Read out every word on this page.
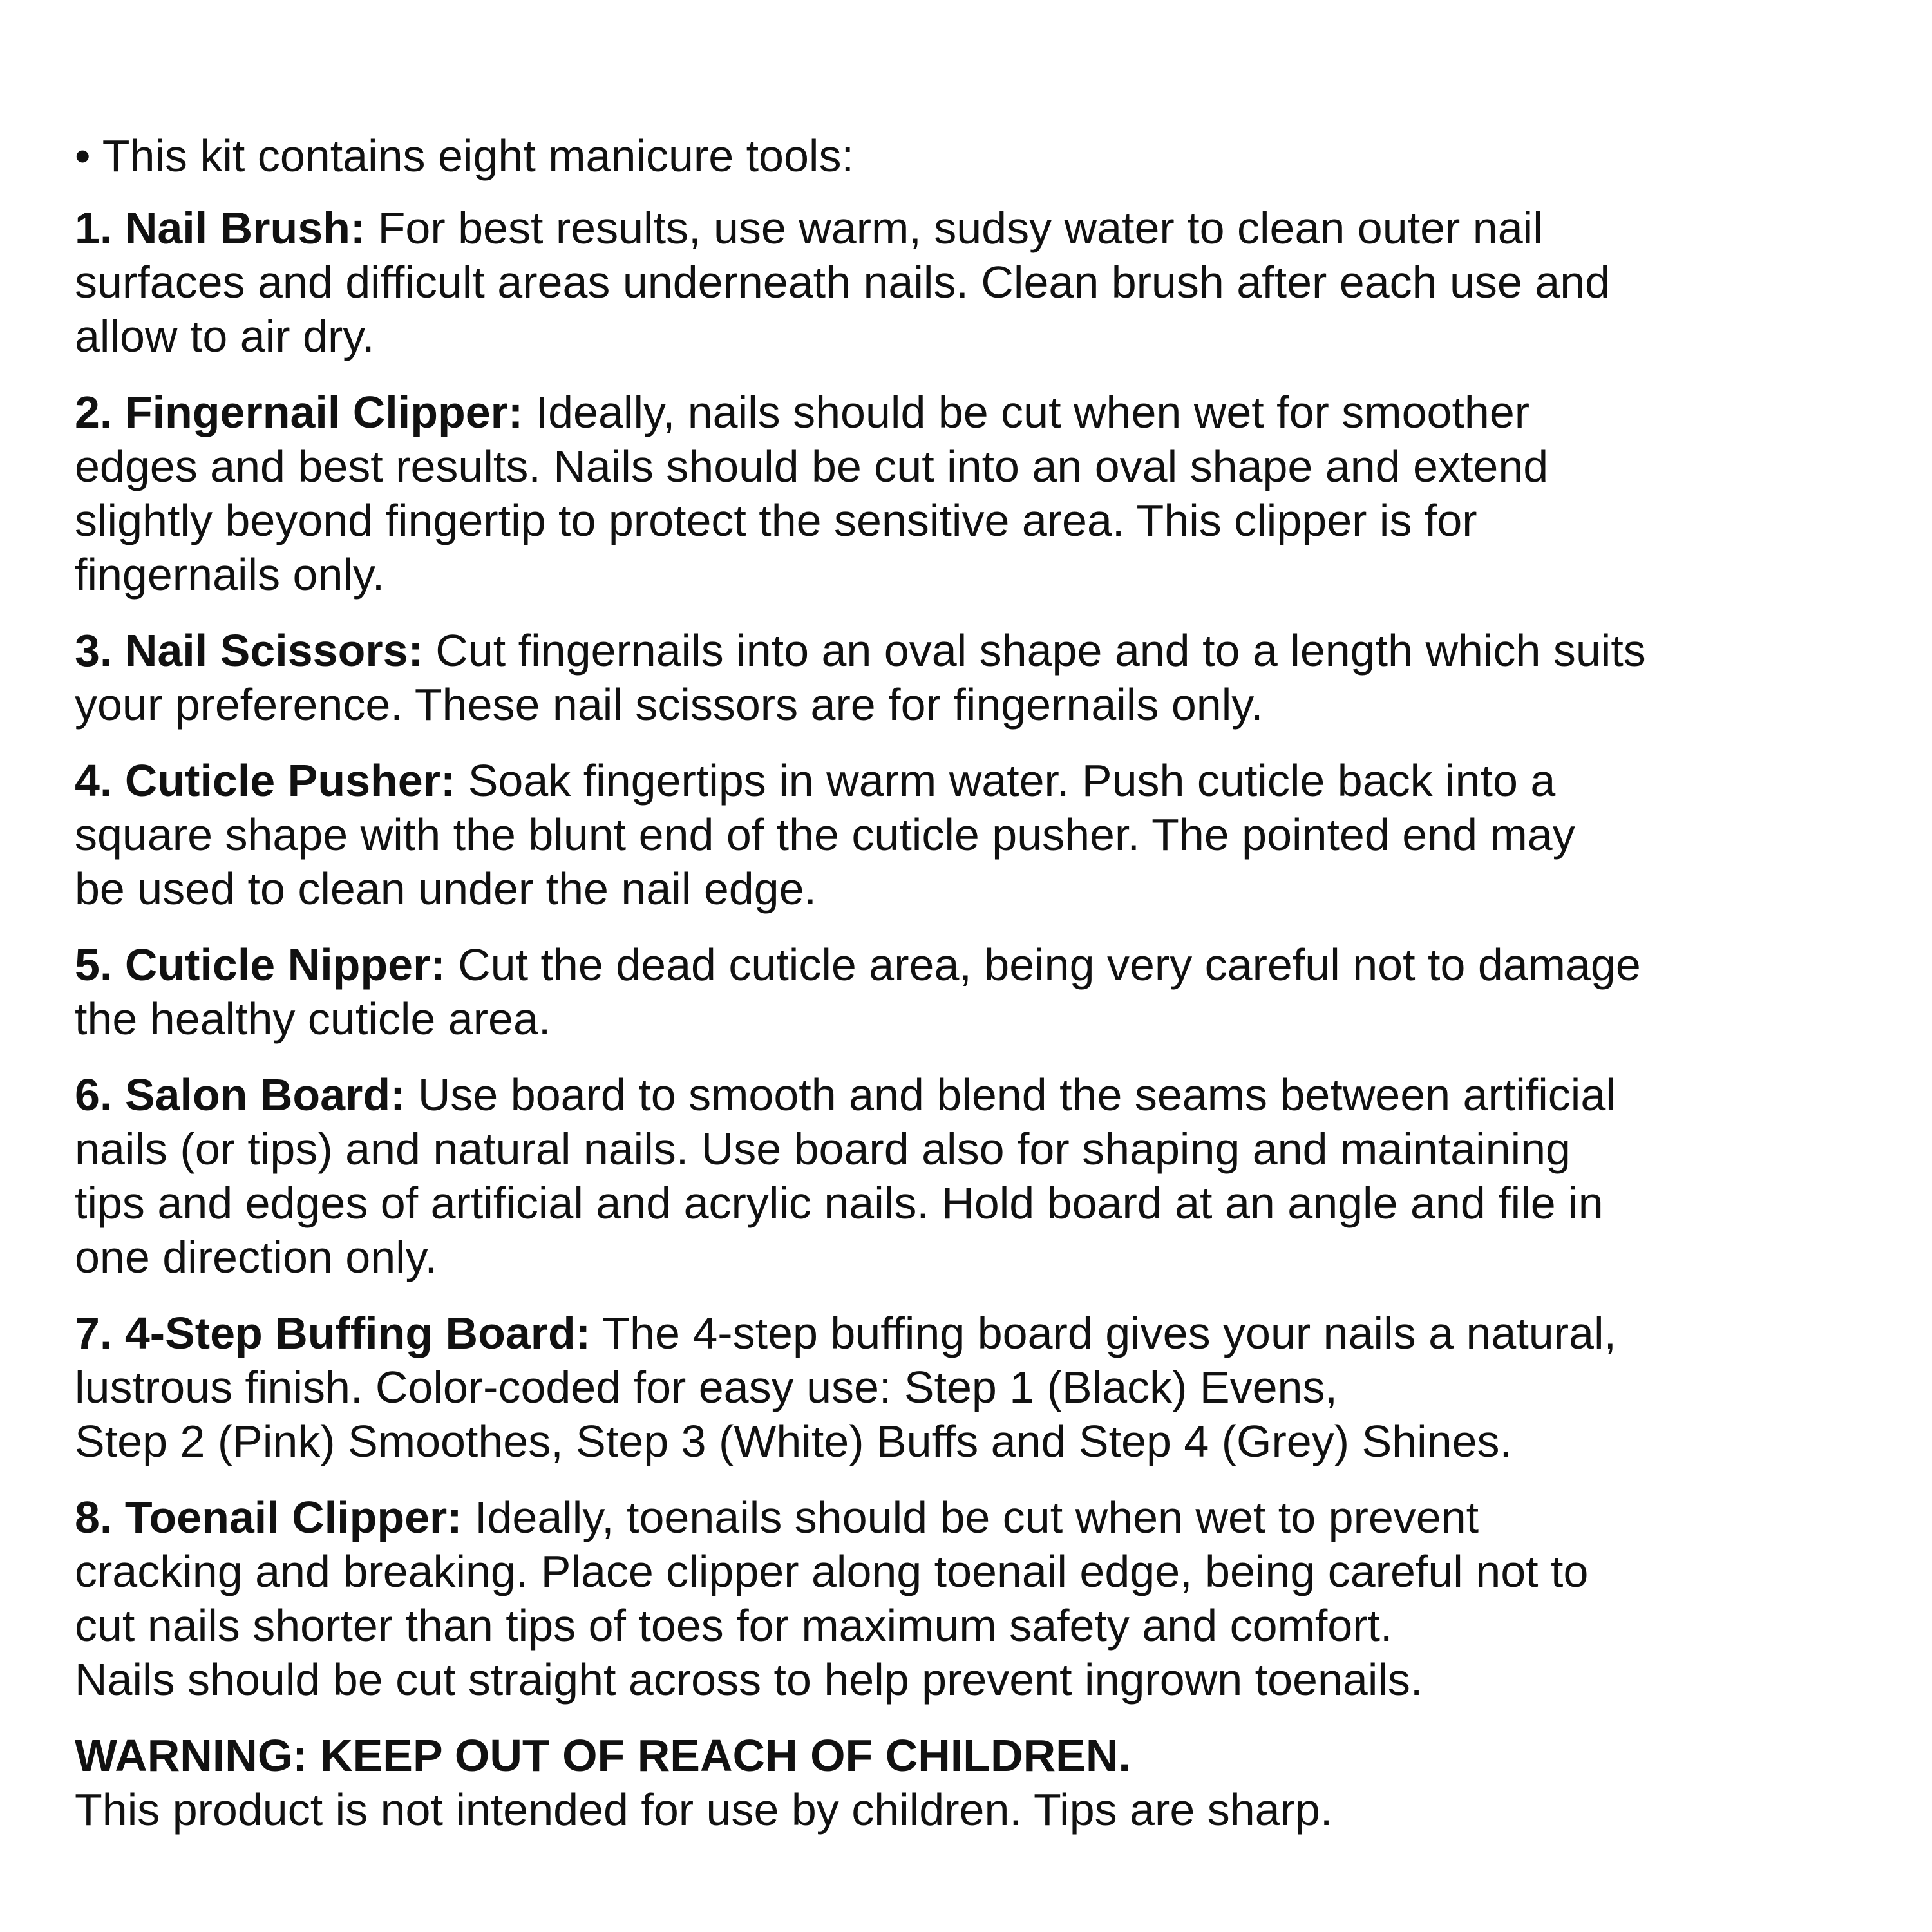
• This kit contains eight manicure tools:
1. Nail Brush: For best results, use warm, sudsy water to clean outer nail
surfaces and difficult areas underneath nails. Clean brush after each use and
allow to air dry.
2. Fingernail Clipper: Ideally, nails should be cut when wet for smoother
edges and best results. Nails should be cut into an oval shape and extend
slightly beyond fingertip to protect the sensitive area. This clipper is for
fingernails only.
3. Nail Scissors: Cut fingernails into an oval shape and to a length which suits
your preference. These nail scissors are for fingernails only.
4. Cuticle Pusher: Soak fingertips in warm water. Push cuticle back into a
square shape with the blunt end of the cuticle pusher. The pointed end may
be used to clean under the nail edge.
5. Cuticle Nipper: Cut the dead cuticle area, being very careful not to damage
the healthy cuticle area.
6. Salon Board: Use board to smooth and blend the seams between artificial
nails (or tips) and natural nails. Use board also for shaping and maintaining
tips and edges of artificial and acrylic nails. Hold board at an angle and file in
one direction only.
7. 4-Step Buffing Board: The 4-step buffing board gives your nails a natural,
lustrous finish. Color-coded for easy use: Step 1 (Black) Evens,
Step 2 (Pink) Smoothes, Step 3 (White) Buffs and Step 4 (Grey) Shines.
8. Toenail Clipper: Ideally, toenails should be cut when wet to prevent
cracking and breaking. Place clipper along toenail edge, being careful not to
cut nails shorter than tips of toes for maximum safety and comfort.
Nails should be cut straight across to help prevent ingrown toenails.
WARNING: KEEP OUT OF REACH OF CHILDREN.
This product is not intended for use by children. Tips are sharp.
